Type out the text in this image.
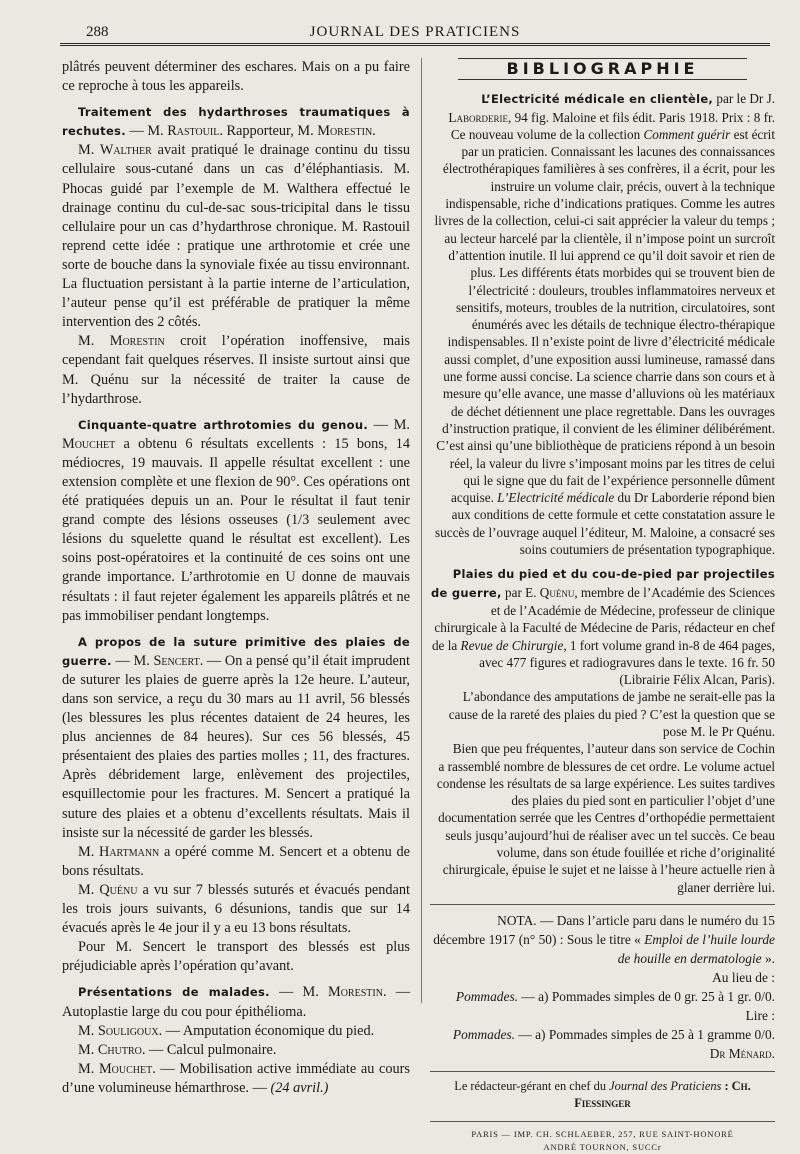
288	JOURNAL DES PRATICIENS

plâtrés peuvent déterminer des eschares. Mais on a pu faire ce reproche à tous les appareils.

Traitement des hydarthroses traumatiques à rechutes. — M. Rastouil. Rapporteur, M. Morestin.

M. Walther avait pratiqué le drainage continu du tissu cellulaire sous-cutané dans un cas d’éléphantiasis. M. Phocas guidé par l’exemple de M. Walthera effectué le drainage continu du cul-de-sac sous-tricipital dans le tissu cellulaire pour un cas d’hydarthrose chronique. M. Rastouil reprend cette idée : pratique une arthrotomie et crée une sorte de bouche dans la synoviale fixée au tissu environnant. La fluctuation persistant à la partie interne de l’articulation, l’auteur pense qu’il est préférable de pratiquer la même intervention des 2 côtés.

M. Morestin croit l’opération inoffensive, mais cependant fait quelques réserves. Il insiste surtout ainsi que M. Quénu sur la nécessité de traiter la cause de l’hydarthrose.

Cinquante-quatre arthrotomies du genou. — M. Mouchet a obtenu 6 résultats excellents : 15 bons, 14 médiocres, 19 mauvais. Il appelle résultat excellent : une extension complète et une flexion de 90°. Ces opérations ont été pratiquées depuis un an. Pour le résultat il faut tenir grand compte des lésions osseuses (1/3 seulement avec lésions du squelette quand le résultat est excellent). Les soins post-opératoires et la continuité de ces soins ont une grande importance. L’arthrotomie en U donne de mauvais résultats : il faut rejeter également les appareils plâtrés et ne pas immobiliser pendant longtemps.

A propos de la suture primitive des plaies de guerre. — M. Sencert. — On a pensé qu’il était imprudent de suturer les plaies de guerre après la 12e heure. L’auteur, dans son service, a reçu du 30 mars au 11 avril, 56 blessés (les blessures les plus récentes dataient de 24 heures, les plus anciennes de 84 heures). Sur ces 56 blessés, 45 présentaient des plaies des parties molles ; 11, des fractures. Après débridement large, enlèvement des projectiles, esquillectomie pour les fractures. M. Sencert a pratiqué la suture des plaies et a obtenu d’excellents résultats. Mais il insiste sur la nécessité de garder les blessés.

M. Hartmann a opéré comme M. Sencert et a obtenu de bons résultats.

M. Quénu a vu sur 7 blessés suturés et évacués pendant les trois jours suivants, 6 désunions, tandis que sur 14 évacués après le 4e jour il y a eu 13 bons résultats.

Pour M. Sencert le transport des blessés est plus préjudiciable après l’opération qu’avant.

Présentations de malades. — M. Morestin. — Autoplastie large du cou pour épithélioma.

M. Souligoux. — Amputation économique du pied.

M. Chutro. — Calcul pulmonaire.

M. Mouchet. — Mobilisation active immédiate au cours d’une volumineuse hémarthrose. — (24 avril.)

BIBLIOGRAPHIE

L’Electricité médicale en clientèle, par le Dr J. Laborderie, 94 fig. Maloine et fils édit. Paris 1918. Prix : 8 fr.

Ce nouveau volume de la collection Comment guérir est écrit par un praticien. Connaissant les lacunes des connaissances électrothérapiques familières à ses confrères, il a écrit, pour les instruire un volume clair, précis, ouvert à la technique indispensable, riche d’indications pratiques. Comme les autres livres de la collection, celui-ci sait apprécier la valeur du temps ; au lecteur harcelé par la clientèle, il n’impose point un surcroît d’attention inutile. Il lui apprend ce qu’il doit savoir et rien de plus. Les différents états morbides qui se trouvent bien de l’électricité : douleurs, troubles inflammatoires nerveux et sensitifs, moteurs, troubles de la nutrition, circulatoires, sont énumérés avec les détails de technique électro-thérapique indispensables. Il n’existe point de livre d’électricité médicale aussi complet, d’une exposition aussi lumineuse, ramassé dans une forme aussi concise. La science charrie dans son cours et à mesure qu’elle avance, une masse d’alluvions où les matériaux de déchet détiennent une place regrettable. Dans les ouvrages d’instruction pratique, il convient de les éliminer délibérément. C’est ainsi qu’une bibliothèque de praticiens répond à un besoin réel, la valeur du livre s’imposant moins par les titres de celui qui le signe que du fait de l’expérience personnelle dûment acquise. L’Electricité médicale du Dr Laborderie répond bien aux conditions de cette formule et cette constatation assure le succès de l’ouvrage auquel l’éditeur, M. Maloine, a consacré ses soins coutumiers de présentation typographique.

Plaies du pied et du cou-de-pied par projectiles de guerre, par E. Quénu, membre de l’Académie des Sciences et de l’Académie de Médecine, professeur de clinique chirurgicale à la Faculté de Médecine de Paris, rédacteur en chef de la Revue de Chirurgie, 1 fort volume grand in-8 de 464 pages, avec 477 figures et radiogravures dans le texte. 16 fr. 50 (Librairie Félix Alcan, Paris).

L’abondance des amputations de jambe ne serait-elle pas la cause de la rareté des plaies du pied ? C’est la question que se pose M. le Pr Quénu.

Bien que peu fréquentes, l’auteur dans son service de Cochin a rassemblé nombre de blessures de cet ordre. Le volume actuel condense les résultats de sa large expérience. Les suites tardives des plaies du pied sont en particulier l’objet d’une documentation serrée que les Centres d’orthopédie permettaient seuls jusqu’aujourd’hui de réaliser avec un tel succès. Ce beau volume, dans son étude fouillée et riche d’originalité chirurgicale, épuise le sujet et ne laisse à l’heure actuelle rien à glaner derrière lui.

NOTA. — Dans l’article paru dans le numéro du 15 décembre 1917 (n° 50) : Sous le titre « Emploi de l’huile lourde de houille en dermatologie ».

Au lieu de :

Pommades. — a) Pommades simples de 0 gr. 25 à 1 gr. 0/0.

Lire :

Pommades. — a) Pommades simples de 25 à 1 gramme 0/0.

Dr Ménard.

Le rédacteur-gérant en chef du Journal des Praticiens : Ch. Fiessinger

PARIS — IMP. CH. SCHLAEBER, 257, RUE SAINT-HONORÉ

ANDRÉ TOURNON, SUCCr
